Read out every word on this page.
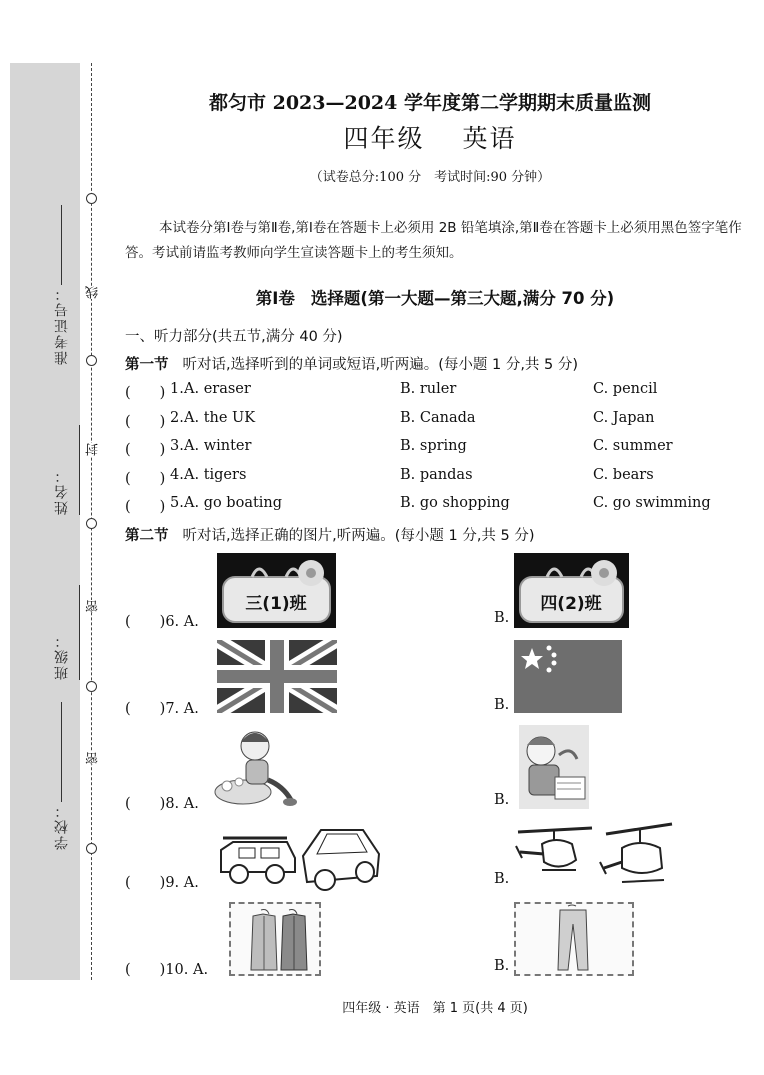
线
封
密
密
准考证号：
姓名：
班级：
学校：
都匀市 2023—2024 学年度第二学期期末质量监测
四年级 英语
（试卷总分:100 分　考试时间:90 分钟）
本试卷分第Ⅰ卷与第Ⅱ卷,第Ⅰ卷在答题卡上必须用 2B 铅笔填涂,第Ⅱ卷在答题卡上必须用黑色签字笔作答。考试前请监考教师向学生宣读答题卡上的考生须知。
第Ⅰ卷 选择题(第一大题—第三大题,满分 70 分)
一、听力部分(共五节,满分 40 分)
第一节 听对话,选择听到的单词或短语,听两遍。(每小题 1 分,共 5 分)
(　　) 1. A. eraser	B. ruler	C. pencil
(　　) 2. A. the UK	B. Canada	C. Japan
(　　) 3. A. winter	B. spring	C. summer
(　　) 4. A. tigers	B. pandas	C. bears
(　　) 5. A. go boating	B. go shopping	C. go swimming
第二节 听对话,选择正确的图片,听两遍。(每小题 1 分,共 5 分)
(　　)6. A.	B.
(　　)7. A.	B.
(　　)8. A.	B.
(　　)9. A.	B.
(　　)10. A.	B.
三(1)班	四(2)班
四年级 · 英语　第 1 页(共 4 页)
